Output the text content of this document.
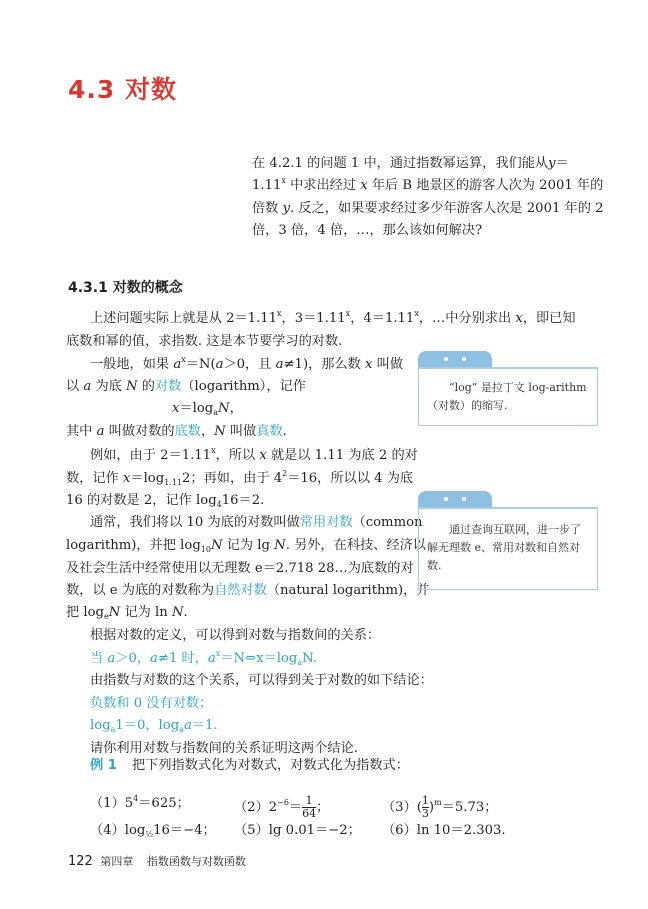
4.3 对数
4.3.1 对数的概念
在 4.2.1 的问题 1 中，通过指数幂运算，我们能从y＝
$1.11^x$ 中求出经过 x 年后 B 地景区的游客人次为 2001 年的
倍数 y. 反之，如果要求经过多少年游客人次是 2001 年的 2
倍，3 倍，4 倍，…，那么该如何解决?
上述问题实际上就是从 $2=1.11^x$，$3=1.11^x$，$4=1.11^x$，…中分别求出 x，即已知
底数和幂的值，求指数. 这是本节要学习的对数.
一般地，如果 $a^x=N(a>0$，且 a≠1)，那么数 x 叫做
以 a 为底 N 的对数（logarithm），记作
$x=\log_aN$，
其中 a 叫做对数的底数，N 叫做真数.
例如，由于 $2=1.11^x$，所以 x 就是以 1.11 为底 2 的对
数，记作 $x=\log_{1.11}2$；再如，由于 $4^2=16$，所以以 4 为底
16 的对数是 2，记作 $\log_416=2$.
通常，我们将以 10 为底的对数叫做常用对数（common
logarithm)，并把 $\log_{10}N$ 记为 lg N. 另外，在科技、经济以
及社会生活中经常使用以无理数 e＝2.718 28…为底数的对
数，以 e 为底的对数称为自然对数（natural logarithm)，并
把 $\log_eN$ 记为 ln N.
根据对数的定义，可以得到对数与指数间的关系：
当 a＞0，a≠1 时，$a^x=N\Leftrightarrow x=\log_aN$.
由指数与对数的这个关系，可以得到关于对数的如下结论：
负数和 0 没有对数；
$\log_a1=0$，$\log_aa=1$.
请你利用对数与指数间的关系证明这两个结论.
例 1 把下列指数式化为对数式，对数式化为指数式：
$(1)5^4=625$；	$(2)2^{-6}= \frac{1}{64}$ ；	$(3)( \frac{1}{3} )^m=5.73$；
$(4)\log_{\frac{1}{2}}16=-4$； （5）lg 0.01＝−2； （6）ln 10＝2.303.
“log” 是拉丁文 log-arithm（对数）的缩写.
通过查询互联网，进一步了解无理数 e、常用对数和自然对数.
122 第四章 指数函数与对数函数
